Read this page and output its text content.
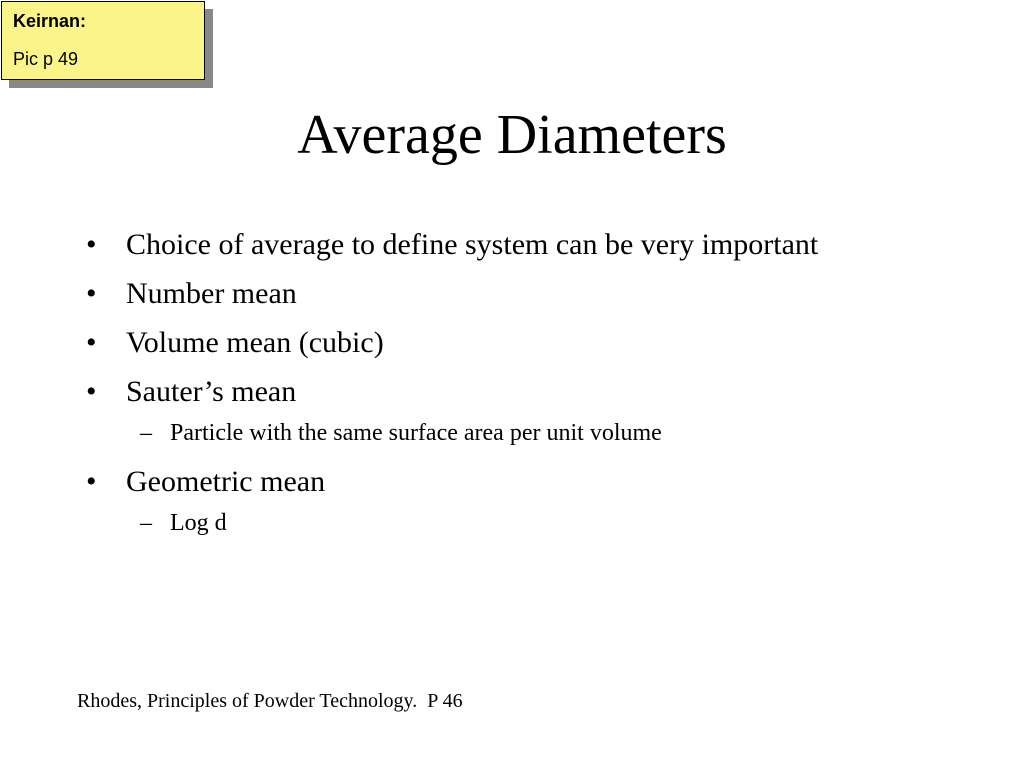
Keirnan:
Pic p 49
Average Diameters
• Choice of average to define system can be very important
• Number mean
• Volume mean (cubic)
• Sauter’s mean
– Particle with the same surface area per unit volume
• Geometric mean
– Log d
Rhodes, Principles of Powder Technology.  P 46
